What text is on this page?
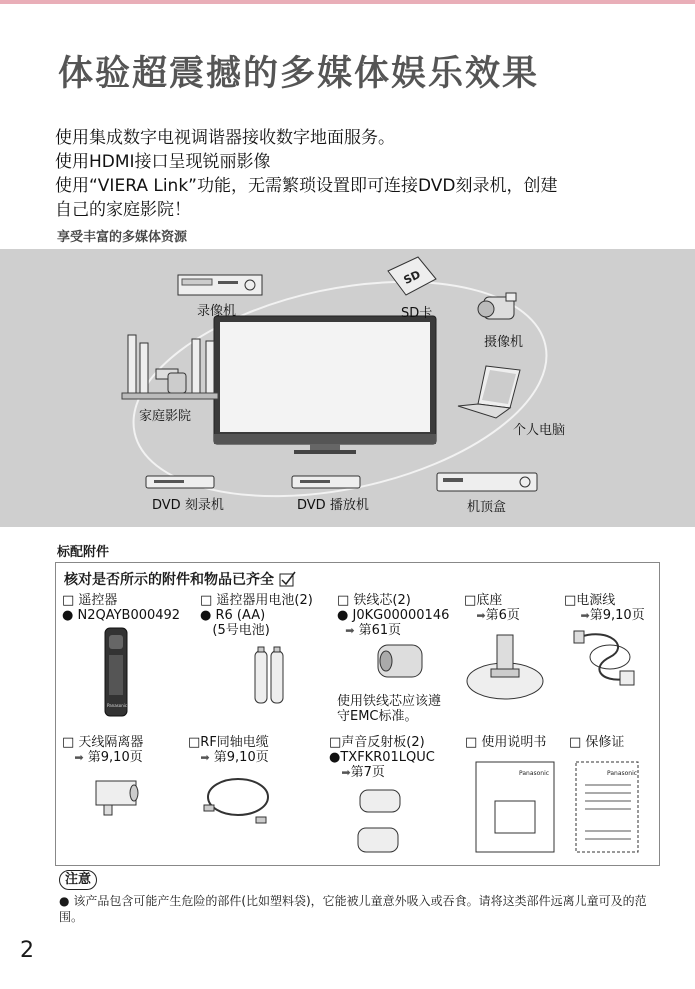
体验超震撼的多媒体娱乐效果
使用集成数字电视调谐器接收数字地面服务。
使用HDMI接口呈现锐丽影像
使用“VIERA Link”功能，无需繁琐设置即可连接DVD刻录机，创建
自己的家庭影院！
享受丰富的多媒体资源
录像机
SD
SD卡
摄像机
家庭影院
个人电脑
DVD 刻录机	DVD 播放机	机顶盒
标配附件
核对是否所示的附件和物品已齐全
□ 遥控器
● N2QAYB000492
Panasonic
□ 遥控器用电池(2)
● R6 (AA)
(5号电池)
□ 铁线芯(2)
● J0KG00000146
➡ 第61页
使用铁线芯应该遵
守EMC标准。
□底座
➡第6页
□电源线
➡第9,10页
□ 天线隔离器
➡ 第9,10页
□RF同轴电缆
➡ 第9,10页
□声音反射板(2)
●TXFKR01LQUC
➡第7页
□ 使用说明书
Panasonic
□ 保修证
Panasonic
注意
● 该产品包含可能产生危险的部件(比如塑料袋)，它能被儿童意外吸入或吞食。请将这类部件远离儿童可及的范围。
2
